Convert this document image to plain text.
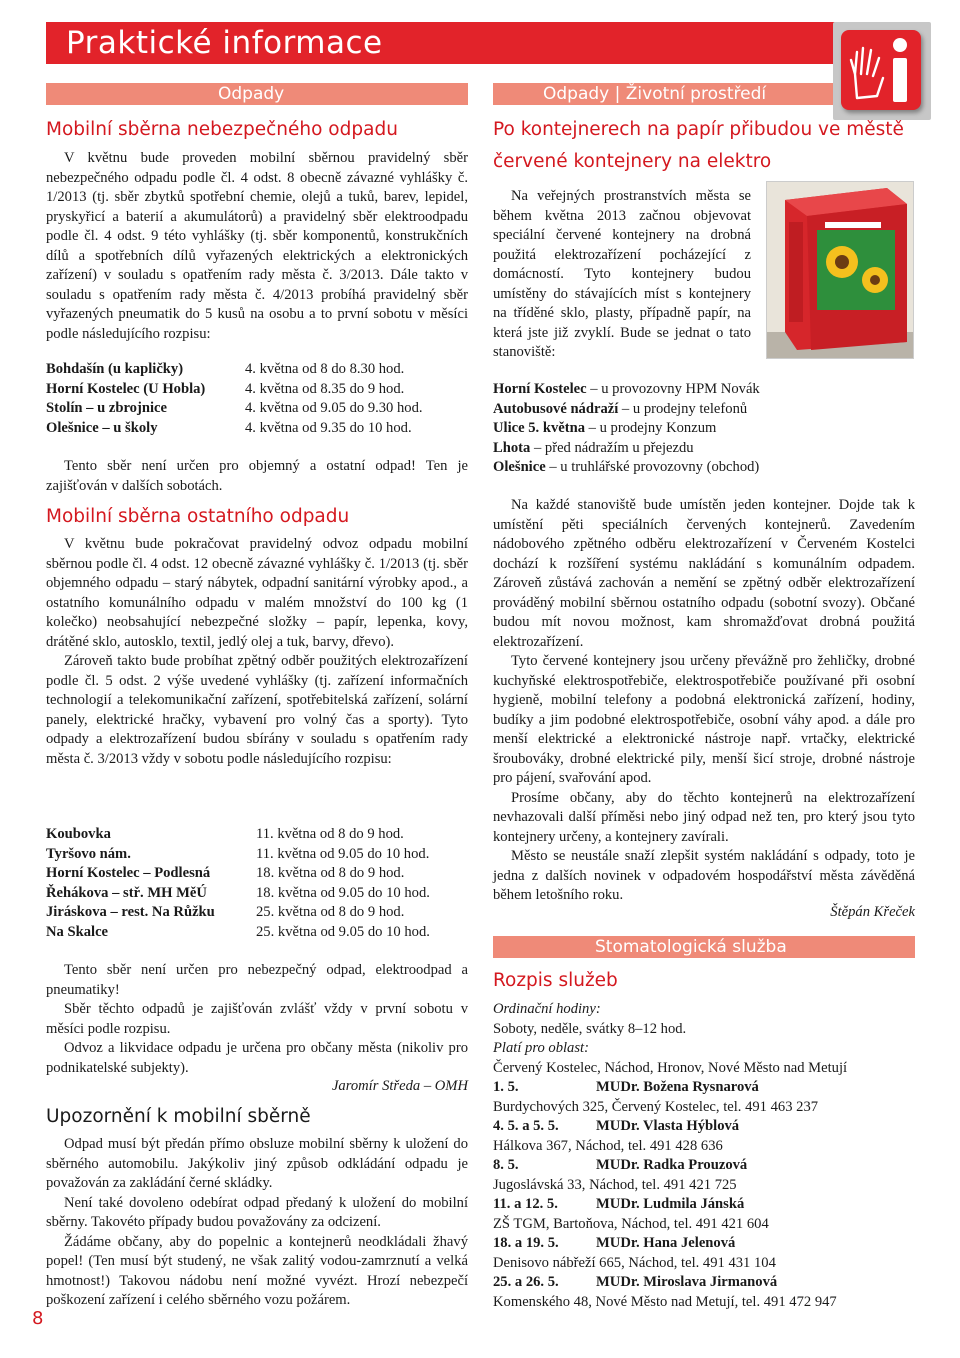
Praktické informace
Odpady
Mobilní sběrna nebezpečného odpadu

V květnu bude proveden mobilní sběrnou pravidelný sběr nebezpečného odpadu podle čl. 4 odst. 8 obecně závazné vyhlášky č. 1/2013 (tj. sběr zbytků spotřební chemie, olejů a tuků, barev, lepidel, pryskyřicí a baterií a akumulátorů) a pravidelný sběr elektroodpadu podle čl. 4 odst. 9 této vyhlášky (tj. sběr komponentů, konstrukčních dílů a spotřebních dílů vyřazených elektrických a elektronických zařízení) v souladu s opatřením rady města č. 3/2013. Dále takto v souladu s opatřením rady města č. 4/2013 probíhá pravidelný sběr vyřazených pneumatik do 5 kusů na osobu a to první sobotu v měsíci podle následujícího rozpisu:

Bohdašín (u kapličky)	4. května od 8 do 8.30 hod.
Horní Kostelec (U Hobla)	4. května od 8.35 do 9 hod.
Stolín – u zbrojnice	4. května od 9.05 do 9.30 hod.
Olešnice – u školy	4. května od 9.35 do 10 hod.

Tento sběr není určen pro objemný a ostatní odpad! Ten je zajišťován v dalších sobotách.

Mobilní sběrna ostatního odpadu

V květnu bude pokračovat pravidelný odvoz odpadu mobilní sběrnou podle čl. 4 odst. 12 obecně závazné vyhlášky č. 1/2013 (tj. sběr objemného odpadu – starý nábytek, odpadní sanitární výrobky apod., a ostatního komunálního odpadu v malém množství do 100 kg (1 kolečko) neobsahující nebezpečné složky – papír, lepenka, kovy, drátěné sklo, autosklo, textil, jedlý olej a tuk, barvy, dřevo).

Zároveň takto bude probíhat zpětný odběr použitých elektrozařízení podle čl. 5 odst. 2 výše uvedené vyhlášky (tj. zařízení informačních technologií a telekomunikační zařízení, spotřebitelská zařízení, solární panely, elektrické hračky, vybavení pro volný čas a sporty). Tyto odpady a elektrozařízení budou sbírány v souladu s opatřením rady města č. 3/2013 vždy v sobotu podle následujícího rozpisu:

Koubovka	11. května od 8 do 9 hod.
Tyršovo nám.	11. května od 9.05 do 10 hod.
Horní Kostelec – Podlesná	18. května od 8 do 9 hod.
Řehákova – stř. MH MěÚ	18. května od 9.05 do 10 hod.
Jiráskova – rest. Na Růžku	25. května od 8 do 9 hod.
Na Skalce	25. května od 9.05 do 10 hod.

Tento sběr není určen pro nebezpečný odpad, elektroodpad a pneumatiky!

Sběr těchto odpadů je zajišťován zvlášť vždy v první sobotu v měsíci podle rozpisu.

Odvoz a likvidace odpadu je určena pro občany města (nikoliv pro podnikatelské subjekty).

Jaromír Středa – OMH
Upozornění k mobilní sběrně

Odpad musí být předán přímo obsluze mobilní sběrny k uložení do sběrného automobilu. Jakýkoliv jiný způsob odkládání odpadu je považován za zakládání černé skládky.

Není také dovoleno odebírat odpad předaný k uložení do mobilní sběrny. Takovéto případy budou považovány za odcizení.

Žádáme občany, aby do popelnic a kontejnerů neodkládali žhavý popel! (Ten musí být studený, ne však zalitý vodou-zamrznutí a velká hmotnost!) Takovou nádobu není možné vyvézt. Hrozí nebezpečí poškození zařízení i celého sběrného vozu požárem.

8
Odpady | Životní prostředí
Po kontejnerech na papír přibudou ve městě
červené kontejnery na elektro

Na veřejných prostranstvích města se během května 2013 začnou objevovat speciální červené kontejnery na drobná použitá elektrozařízení pocházející z domácností. Tyto kontejnery budou umístěny do stávajících míst s kontejnery na tříděné sklo, plasty, případně papír, na která jste již zvyklí. Bude se jednat o tato stanoviště:

Horní Kostelec – u provozovny HPM Novák
Autobusové nádraží – u prodejny telefonů
Ulice 5. května – u prodejny Konzum
Lhota – před nádražím u přejezdu
Olešnice – u truhlářské provozovny (obchod)

Na každé stanoviště bude umístěn jeden kontejner. Dojde tak k umístění pěti speciálních červených kontejnerů. Zavedením nádobového zpětného odběru elektrozařízení v Červeném Kostelci dochází k rozšíření systému nakládání s komunálním odpadem. Zároveň zůstává zachován a nemění se zpětný odběr elektrozařízení prováděný mobilní sběrnou ostatního odpadu (sobotní svozy). Občané budou mít novou možnost, kam shromažďovat drobná použitá elektrozařízení.

Tyto červené kontejnery jsou určeny převážně pro žehličky, drobné kuchyňské elektrospotřebiče, elektrospotřebiče používané při osobní hygieně, mobilní telefony a podobná elektronická zařízení, hodiny, budíky a jim podobné elektrospotřebiče, osobní váhy apod. a dále pro menší elektrické a elektronické nástroje např. vrtačky, elektrické šroubováky, drobné elektrické pily, menší šicí stroje, drobné nástroje pro pájení, svařování apod.

Prosíme občany, aby do těchto kontejnerů na elektrozařízení nevhazovali další příměsi nebo jiný odpad než ten, pro který jsou tyto kontejnery určeny, a kontejnery zavírali.

Město se neustále snaží zlepšit systém nakládání s odpady, toto je jedna z dalších novinek v odpadovém hospodářství města závěděná během letošního roku.

Štěpán Křeček
Stomatologická služba
Rozpis služeb
Ordinační hodiny:
Soboty, neděle, svátky 8–12 hod.
Platí pro oblast:
Červený Kostelec, Náchod, Hronov, Nové Město nad Metují
1. 5.	MUDr. Božena Rysnarová
Burdychových 325, Červený Kostelec, tel. 491 463 237
4. 5. a 5. 5.	MUDr. Vlasta Hýblová
Hálkova 367, Náchod, tel. 491 428 636
8. 5.	MUDr. Radka Prouzová
Jugoslávská 33, Náchod, tel. 491 421 725
11. a 12. 5.	MUDr. Ludmila Jánská
ZŠ TGM, Bartoňova, Náchod, tel. 491 421 604
18. a 19. 5.	MUDr. Hana Jelenová
Denisovo nábřeží 665, Náchod, tel. 491 431 104
25. a 26. 5.	MUDr. Miroslava Jirmanová
Komenského 48, Nové Město nad Metují, tel. 491 472 947
